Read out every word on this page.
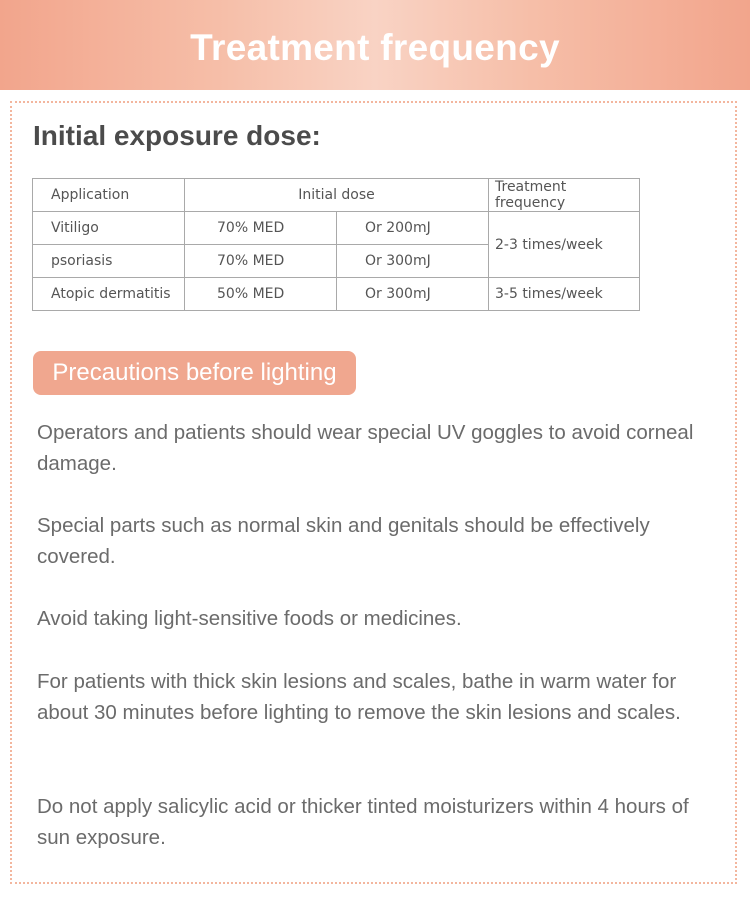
Treatment frequency
Initial exposure dose:
Application	Initial dose		Treatment frequency
Vitiligo	70% MED	Or 200mJ	2-3 times/week
psoriasis	70% MED	Or 300mJ	
Atopic dermatitis	50% MED	Or 300mJ	3-5 times/week
Precautions before lighting

Operators and patients should wear special UV goggles to avoid corneal damage.

Special parts such as normal skin and genitals should be effectively covered.

Avoid taking light-sensitive foods or medicines.

For patients with thick skin lesions and scales, bathe in warm water for about 30 minutes before lighting to remove the skin lesions and scales.

Do not apply salicylic acid or thicker tinted moisturizers within 4 hours of sun exposure.
